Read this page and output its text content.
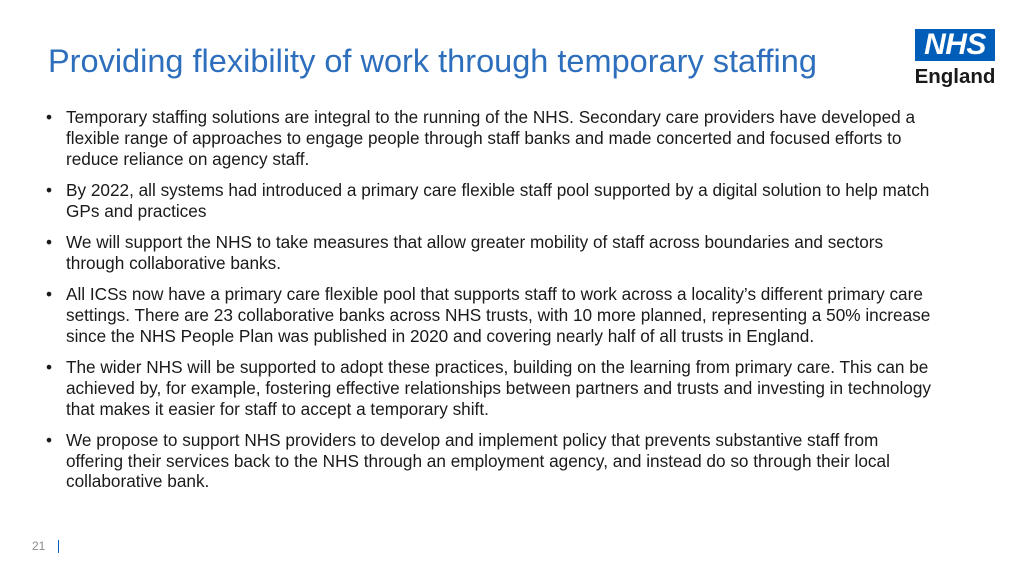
Providing flexibility of work through temporary staffing	NHS
England
• Temporary staffing solutions are integral to the running of the NHS. Secondary care providers have developed a flexible range of approaches to engage people through staff banks and made concerted and focused efforts to reduce reliance on agency staff.
• By 2022, all systems had introduced a primary care flexible staff pool supported by a digital solution to help match GPs and practices
• We will support the NHS to take measures that allow greater mobility of staff across boundaries and sectors through collaborative banks.
• All ICSs now have a primary care flexible pool that supports staff to work across a locality’s different primary care settings. There are 23 collaborative banks across NHS trusts, with 10 more planned, representing a 50% increase since the NHS People Plan was published in 2020 and covering nearly half of all trusts in England.
• The wider NHS will be supported to adopt these practices, building on the learning from primary care. This can be achieved by, for example, fostering effective relationships between partners and trusts and investing in technology that makes it easier for staff to accept a temporary shift.
• We propose to support NHS providers to develop and implement policy that prevents substantive staff from offering their services back to the NHS through an employment agency, and instead do so through their local collaborative bank.
21
